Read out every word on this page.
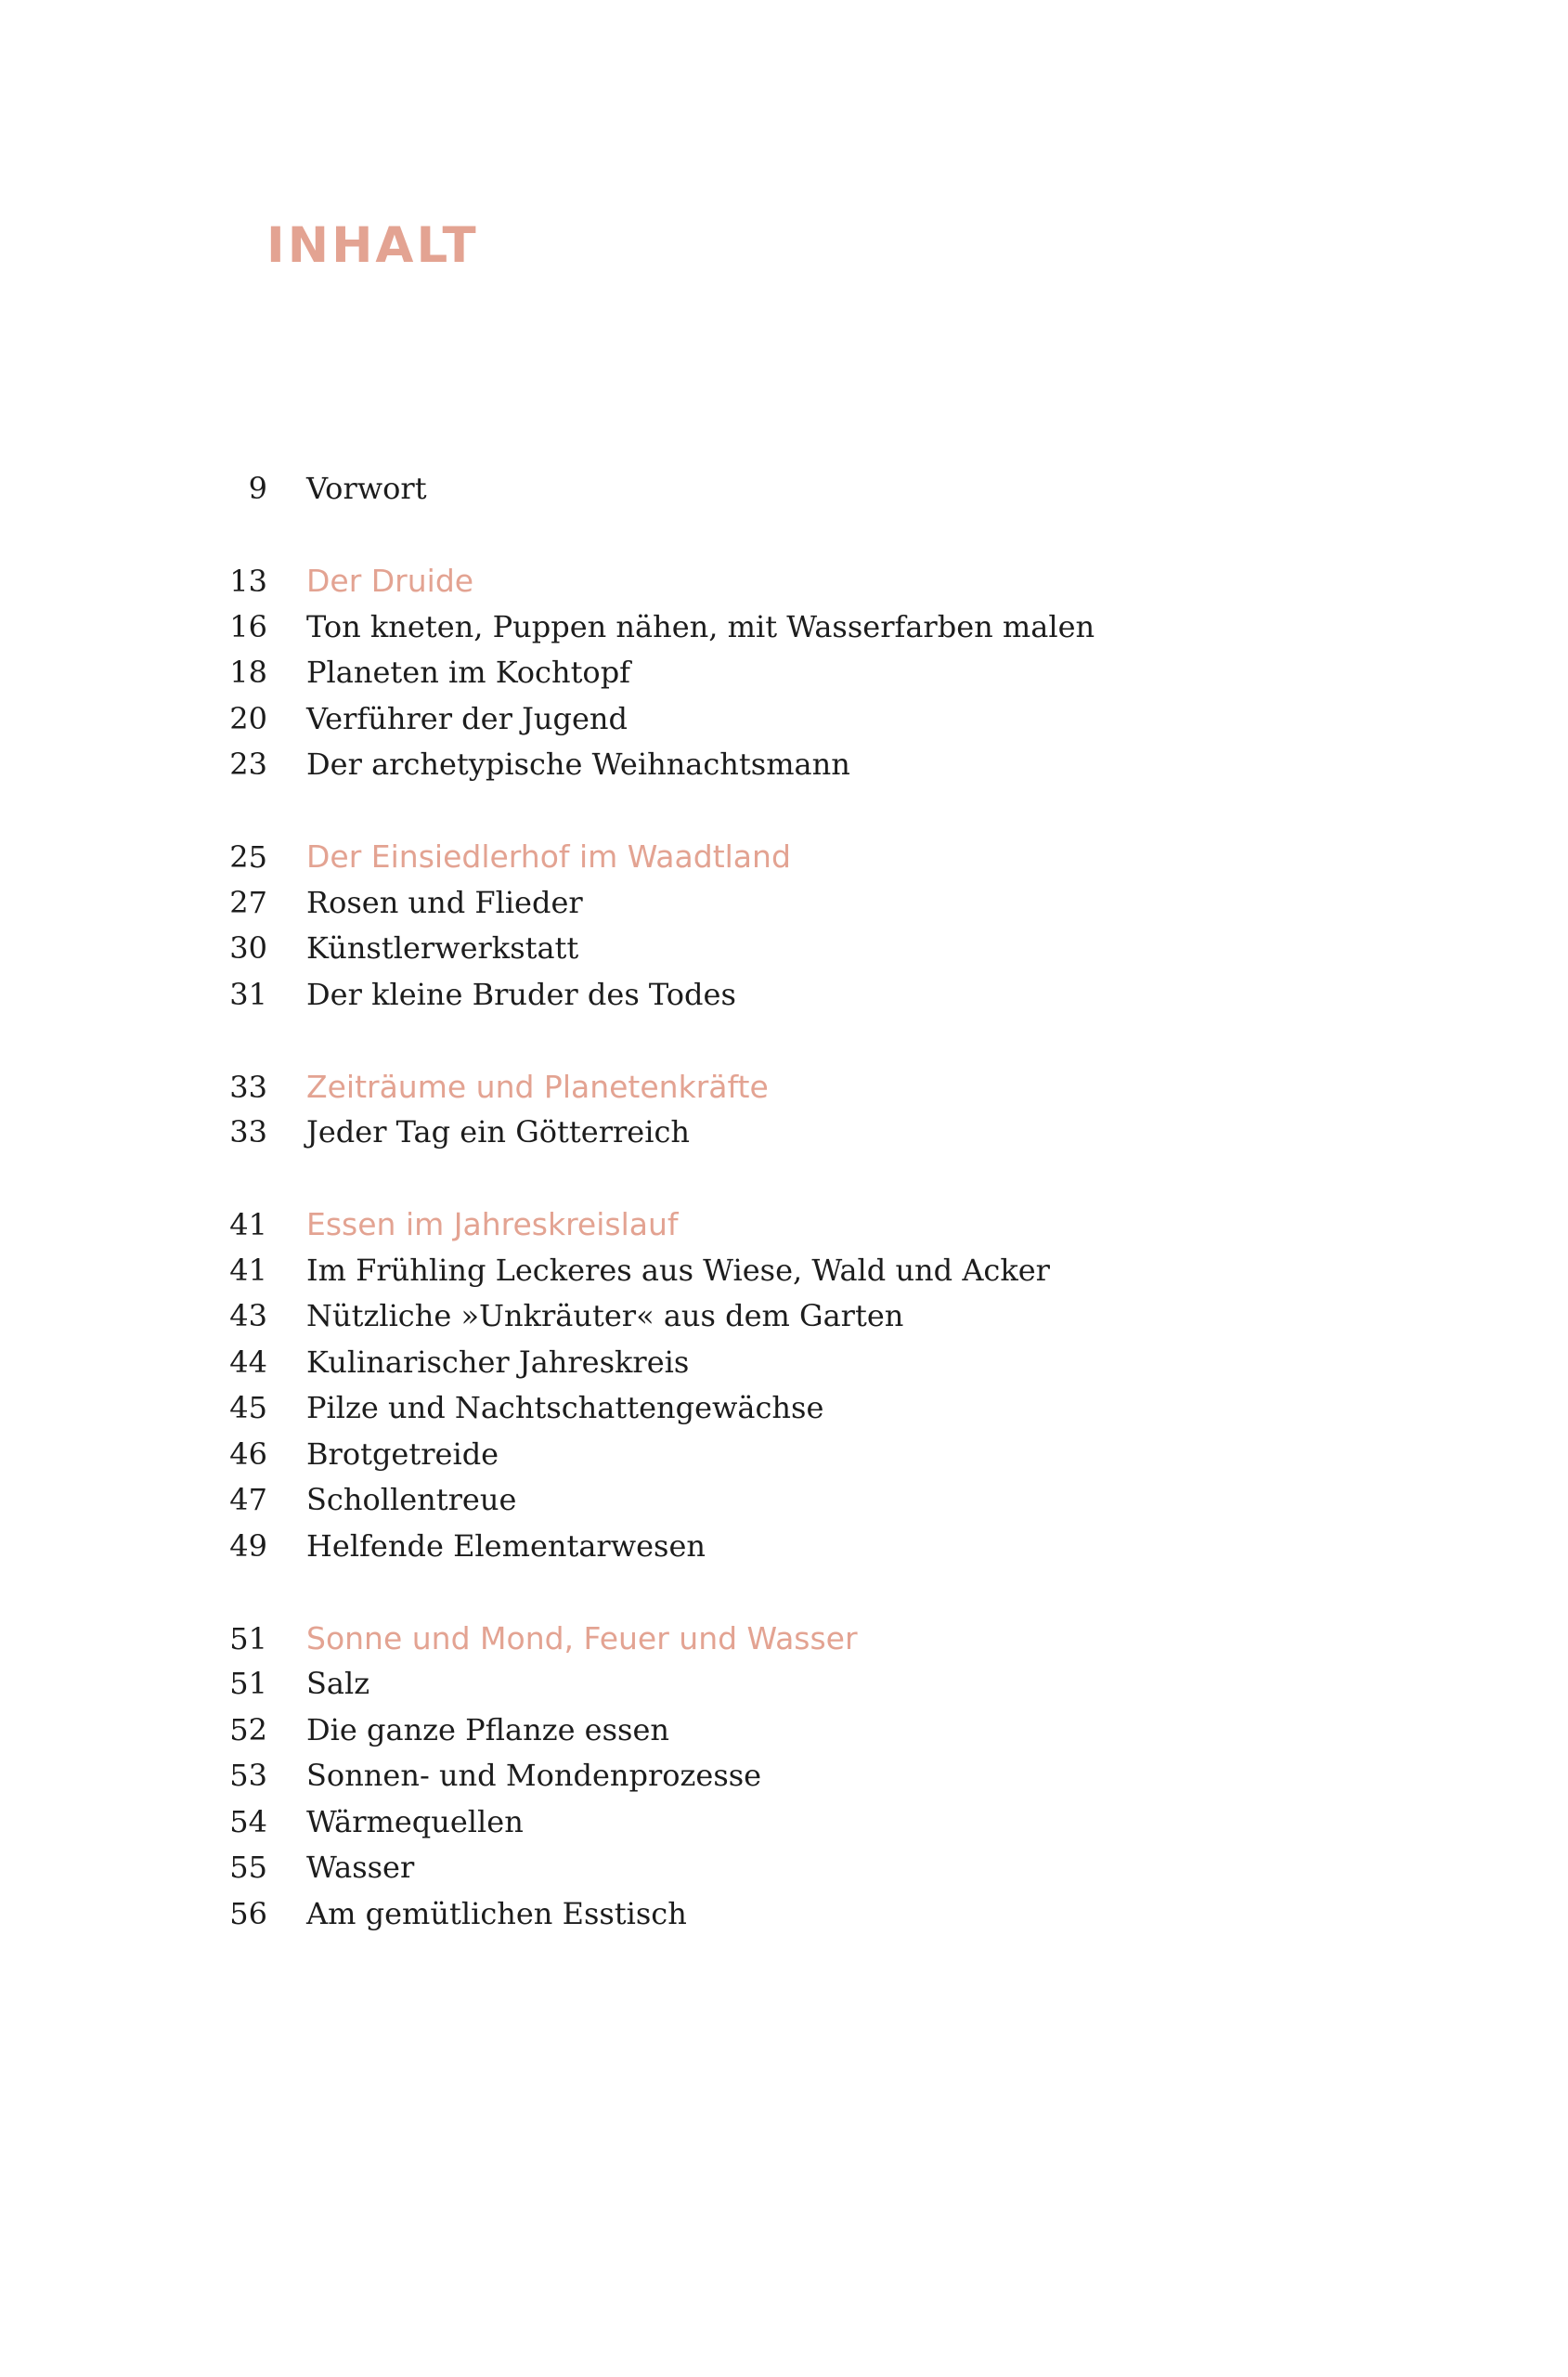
INHALT
9 Vorwort
13 Der Druide
16 Ton kneten, Puppen nähen, mit Wasserfarben malen
18 Planeten im Kochtopf
20 Verführer der Jugend
23 Der archetypische Weihnachtsmann
25 Der Einsiedlerhof im Waadtland
27 Rosen und Flieder
30 Künstlerwerkstatt
31 Der kleine Bruder des Todes
33 Zeiträume und Planetenkräfte
33 Jeder Tag ein Götterreich
41 Essen im Jahreskreislauf
41 Im Frühling Leckeres aus Wiese, Wald und Acker
43 Nützliche »Unkräuter« aus dem Garten
44 Kulinarischer Jahreskreis
45 Pilze und Nachtschattengewächse
46 Brotgetreide
47 Schollentreue
49 Helfende Elementarwesen
51 Sonne und Mond, Feuer und Wasser
51 Salz
52 Die ganze Pflanze essen
53 Sonnen- und Mondenprozesse
54 Wärmequellen
55 Wasser
56 Am gemütlichen Esstisch
